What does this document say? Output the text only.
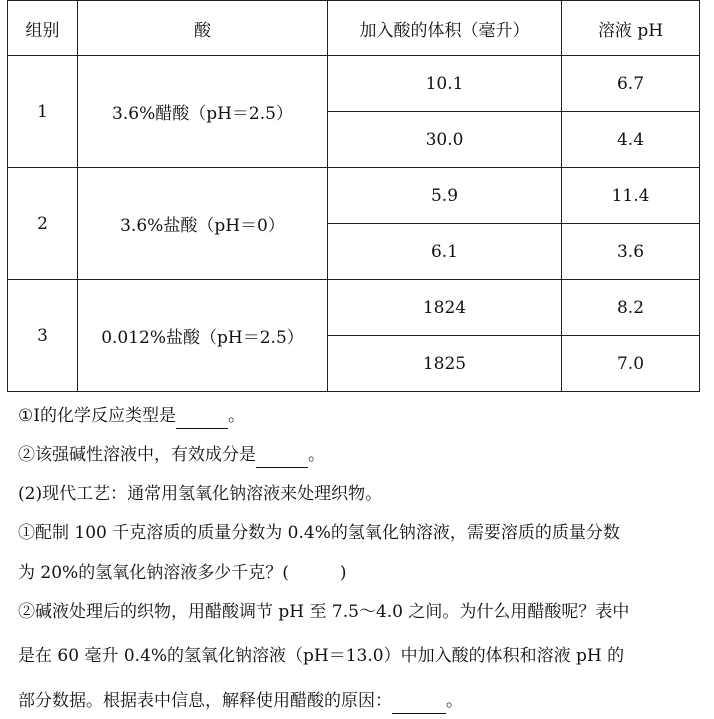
组别	酸	加入酸的体积（毫升）	溶液 pH
1	3.6%醋酸（pH＝2.5）	10.1	6.7
		30.0	4.4
2	3.6%盐酸（pH＝0）	5.9	11.4
		6.1	3.6
3	0.012%盐酸（pH＝2.5）	1824	8.2
		1825	7.0
①I的化学反应类型是	。
②该强碱性溶液中，有效成分是	。
(2)现代工艺：通常用氢氧化钠溶液来处理织物。
①配制 100 千克溶质的质量分数为 0.4%的氢氧化钠溶液，需要溶质的质量分数
为 20%的氢氧化钠溶液多少千克？(　　　)
②碱液处理后的织物，用醋酸调节 pH 至 7.5～4.0 之间。为什么用醋酸呢？表中
是在 60 毫升 0.4%的氢氧化钠溶液（pH＝13.0）中加入酸的体积和溶液 pH 的
部分数据。根据表中信息，解释使用醋酸的原因：	。
